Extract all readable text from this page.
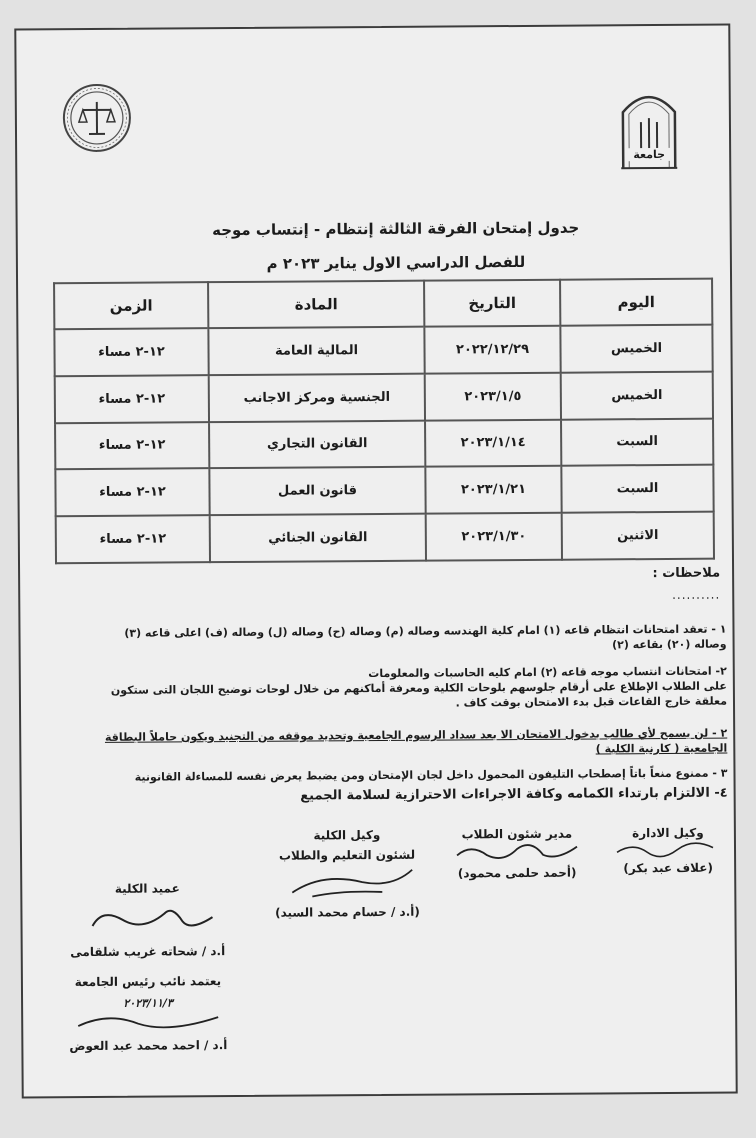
جامعة
جدول إمتحان الفرقة الثالثة إنتظام - إنتساب موجه
للفصل الدراسي الاول يناير ٢٠٢٣ م
اليوم	التاريخ	المادة	الزمن
الخميس	٢٠٢٢/١٢/٢٩	المالية العامة	١٢-٢ مساء
الخميس	٢٠٢٣/١/٥	الجنسية ومركز الاجانب	١٢-٢ مساء
السبت	٢٠٢٣/١/١٤	القانون التجاري	١٢-٢ مساء
السبت	٢٠٢٣/١/٢١	قانون العمل	١٢-٢ مساء
الاثنين	٢٠٢٣/١/٣٠	القانون الجنائي	١٢-٢ مساء
ملاحظات :
..........
١ - تعقد امتحانات انتظام قاعه (١) امام كلية الهندسه وصاله (م) وصاله (ح) وصاله (ل) وصاله (ف) اعلى قاعه (٣)
وصاله (٢٠) بقاعه (٢)
٢- امتحانات انتساب موجه قاعه (٢) امام كليه الحاسبات والمعلومات
على الطلاب الإطلاع على أرقام جلوسهم بلوحات الكلية ومعرفة أماكنهم من خلال لوحات توضيح اللجان التى ستكون
معلقة خارج القاعات قبل بدء الامتحان بوقت كاف .
٢ - لن يسمح لأي طالب بدخول الامتحان الا بعد سداد الرسوم الجامعية وتحديد موقفه من التجنيد ويكون حاملاً البطاقة
الجامعية ( كارنية الكلية )
٣ - ممنوع منعاً باتاً إصطحاب التليفون المحمول داخل لجان الإمتحان ومن يضبط يعرض نفسه للمساءلة القانونية
٤- الالتزام بارتداء الكمامه وكافة الاجراءات الاحترازية لسلامة الجميع
وكيل الادارة
(علاف عبد بكر)
مدير شئون الطلاب
(أحمد حلمى محمود)
وكيل الكلية
لشئون التعليم والطلاب
(أ.د / حسام محمد السيد)
عميد الكلية
أ.د / شحاته غريب شلقامى
يعتمد نائب رئيس الجامعة
٢٠٢٣/١١/٣
أ.د / احمد محمد عبد العوض
